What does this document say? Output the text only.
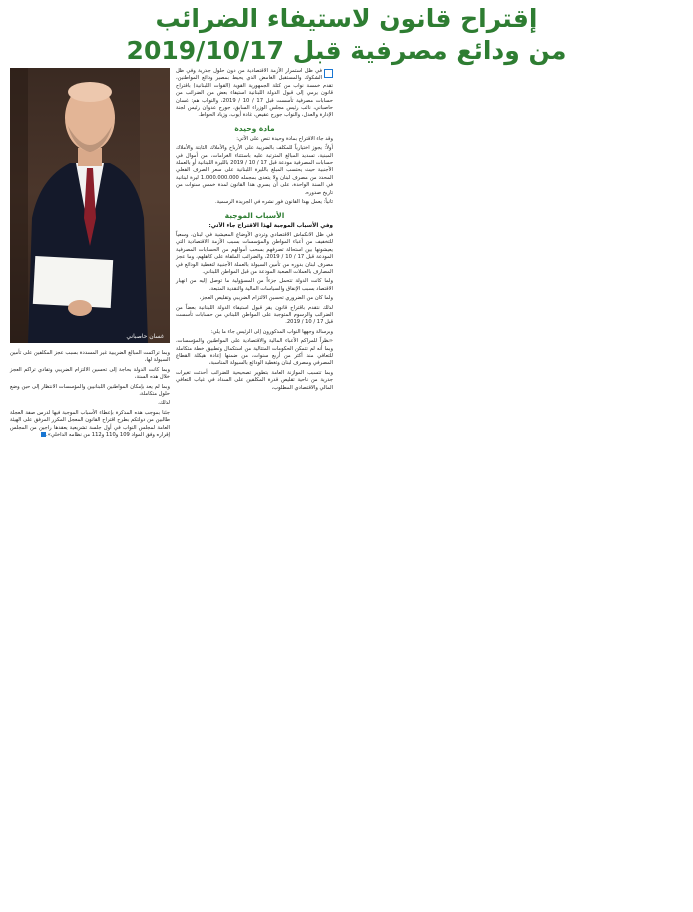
إقتراح قانون لاستيفاء الضرائب
من ودائع مصرفية قبل 2019/10/17
غسان حاصباني

في ظل استمرار الأزمة الاقتصادية من دون حلول جذرية وفي ظل الشكوك والمستقبل الغامض الذي يحيط بمصير ودائع المواطنين، تقدم خمسة نواب من كتلة الجمهورية القوية (القوات اللبنانية) باقتراح قانون يرمي إلى قبول الدولة اللبنانية استيفاء بعض من الضرائب من حسابات مصرفية تأسست قبل 17 / 10 / 2019، والنواب هم: غسان حاصباني، نائب رئيس مجلس الوزراء السابق، جورج عدوان رئيس لجنة الإدارة والعدل، والنواب جورج عقيص، غادة أيوب، وزياد الحواط.

مادة وحيدة

وقد جاء الاقتراح بمادة وحيدة تنص على الآتي:

أولاً: يجوز اختيارياً للمكلف بالضريبة على الأرباح والأملاك الثابتة والأملاك المبنية، تسديد المبالغ المترتبة عليه باستثناء الغرامات، من أموال في حسابات المصرفية مودعة قبل 17 / 10 / 2019 بالليرة اللبنانية أو بالعملة الأجنبية حيث يحتسب المبلغ بالليرة اللبنانية على سعر الصرف الفعلي المحدد من مصرف لبنان ولا يتعدى بمجمله 1.000.000.000 ليرة لبنانية في السنة الواحدة، على أن يسري هذا القانون لمدة خمس سنوات من تاريخ صدوره.

ثانياً: يعمل بهذا القانون فور نشره في الجريدة الرسمية.

الأسباب الموجبة

وفي الأسباب الموجبة لهذا الاقتراح جاء الآتي:

في ظل الانكماش الاقتصادي وتردي الأوضاع المعيشية في لبنان، وسعياً للتخفيف من أعباء المواطن والمؤسسات بسبب الأزمة الاقتصادية التي يعيشونها بين استحالة تصرفهم بسحب أموالهم من الحسابات المصرفية المودعة قبل 17 / 10 / 2019، والضرائب الملقاة على كاهلهم، وما عجز مصرف لبنان بدوره من تأمين السيولة بالعملة الأجنبية لتغطية الودائع في المصارف بالعملات الصعبة المودعة من قبل المواطن اللبناني.

ولما كانت الدولة تتحمل جزءاً من المسؤولية ما توصل إليه من انهيار الاقتصاد بسبب الإنفاق والسياسات المالية والنقدية المتبعة،

ولما كان من الضروري تحسين الالتزام الضريبي وتقليص العجز،

لذلك نتقدم باقتراح قانون يقر قبول استيفاء الدولة اللبنانية بعضاً من الضرائب والرسوم المتوجبة على المواطن اللبناني من حسابات تأسست قبل 17 / 10 / 2019.

وبرسالة وجهها النواب المذكورون إلى الرئيس جاء ما يلي:

«نظراً للمراكم الأعباء المالية والاقتصادية على المواطنين والمؤسسات، وبما أنه لم تتمكن الحكومات المتتالية من استكمال وتطبيق خطة متكاملة للتعافي منذ أكثر من أربع سنوات، من ضمنها إعادة هيكلة القطاع المصرفي ومصرف لبنان وتغطية الودائع بالسيولة المناسبة،

وبما تتسبب الموازنة العامة بتطوير تصحيحية للضرائب أحدثت تغيرات جذرية من ناحية تقليص قدرة المكلفين على السداد في غياب التعافي المالي والاقتصادي المطلوب،

وبما تراكمت المبالغ الضريبية غير المسددة بسبب عجز المكلفين على تأمين السيولة لها،

وبما كانت الدولة بحاجة إلى تحسين الالتزام الضريبي وتفادي تراكم العجز خلال هذه السنة،

وبما لم يعد بإمكان المواطنين اللبنانيين والمؤسسات الانتظار إلى حين وضع حلول متكاملة،

لذلك،

جئنا بموجب هذه المذكرة بإعطاء الأسباب الموجبة فيها لدرس صفة العجلة طالبين من دولتكم بطرح اقتراح القانون المعجل المكرر المرفق على الهيئة العامة لمجلس النواب في أول جلسة تشريعية يعقدها راجين من المجلس إقراره وفق المواد 109 و110 و112 من نظامه الداخلي».
